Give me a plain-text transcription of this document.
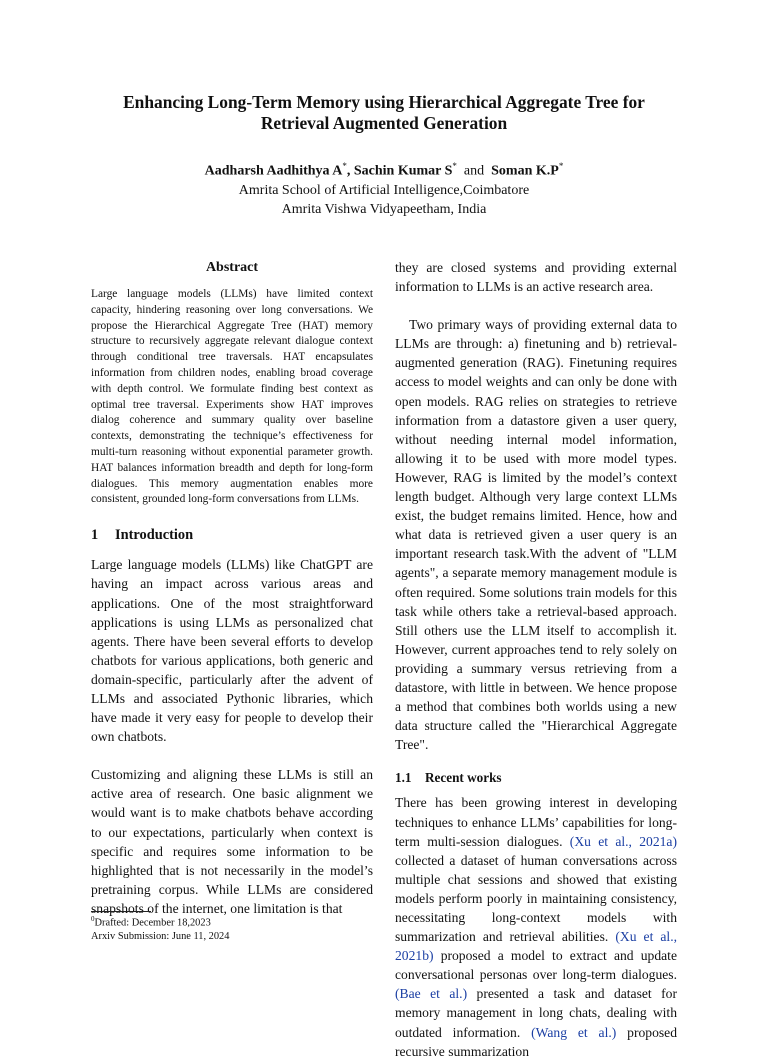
Enhancing Long-Term Memory using Hierarchical Aggregate Tree for
Retrieval Augmented Generation
Aadharsh Aadhithya A*, Sachin Kumar S*  and  Soman K.P*
Amrita School of Artificial Intelligence,Coimbatore
Amrita Vishwa Vidyapeetham, India
Abstract

Large language models (LLMs) have limited context capacity, hindering reasoning over long conversations. We propose the Hierarchical Aggregate Tree (HAT) memory structure to recursively aggregate relevant dialogue context through conditional tree traversals. HAT encapsulates information from children nodes, enabling broad coverage with depth control. We formulate finding best context as optimal tree traversal. Experiments show HAT improves dialog coherence and summary quality over baseline contexts, demonstrating the technique’s effectiveness for multi-turn reasoning without exponential parameter growth. HAT balances information breadth and depth for long-form dialogues. This memory augmentation enables more consistent, grounded long-form conversations from LLMs.

1 Introduction

Large language models (LLMs) like ChatGPT are having an impact across various areas and applications. One of the most straightforward applications is using LLMs as personalized chat agents. There have been several efforts to develop chatbots for various applications, both generic and domain-specific, particularly after the advent of LLMs and associated Pythonic libraries, which have made it very easy for people to develop their own chatbots.

Customizing and aligning these LLMs is still an active area of research. One basic alignment we would want is to make chatbots behave according to our expectations, particularly when context is specific and requires some information to be highlighted that is not necessarily in the model’s pretraining corpus. While LLMs are considered snapshots of the internet, one limitation is that

they are closed systems and providing external information to LLMs is an active research area.

Two primary ways of providing external data to LLMs are through: a) finetuning and b) retrieval-augmented generation (RAG). Finetuning requires access to model weights and can only be done with open models. RAG relies on strategies to retrieve information from a datastore given a user query, without needing internal model information, allowing it to be used with more model types. However, RAG is limited by the model’s context length budget. Although very large context LLMs exist, the budget remains limited. Hence, how and what data is retrieved given a user query is an important research task.With the advent of "LLM agents", a separate memory management module is often required. Some solutions train models for this task while others take a retrieval-based approach. Still others use the LLM itself to accomplish it. However, current approaches tend to rely solely on providing a summary versus retrieving from a datastore, with little in between. We hence propose a method that combines both worlds using a new data structure called the "Hierarchical Aggregate Tree".

1.1 Recent works

There has been growing interest in developing techniques to enhance LLMs’ capabilities for long-term multi-session dialogues. (Xu et al., 2021a) collected a dataset of human conversations across multiple chat sessions and showed that existing models perform poorly in maintaining consistency, necessitating long-context models with summarization and retrieval abilities. (Xu et al., 2021b) proposed a model to extract and update conversational personas over long-term dialogues. (Bae et al.) presented a task and dataset for memory management in long chats, dealing with outdated information. (Wang et al.) proposed recursive summarization

$^0$Drafted: December 18,2023
Arxiv Submission: June 11, 2024
